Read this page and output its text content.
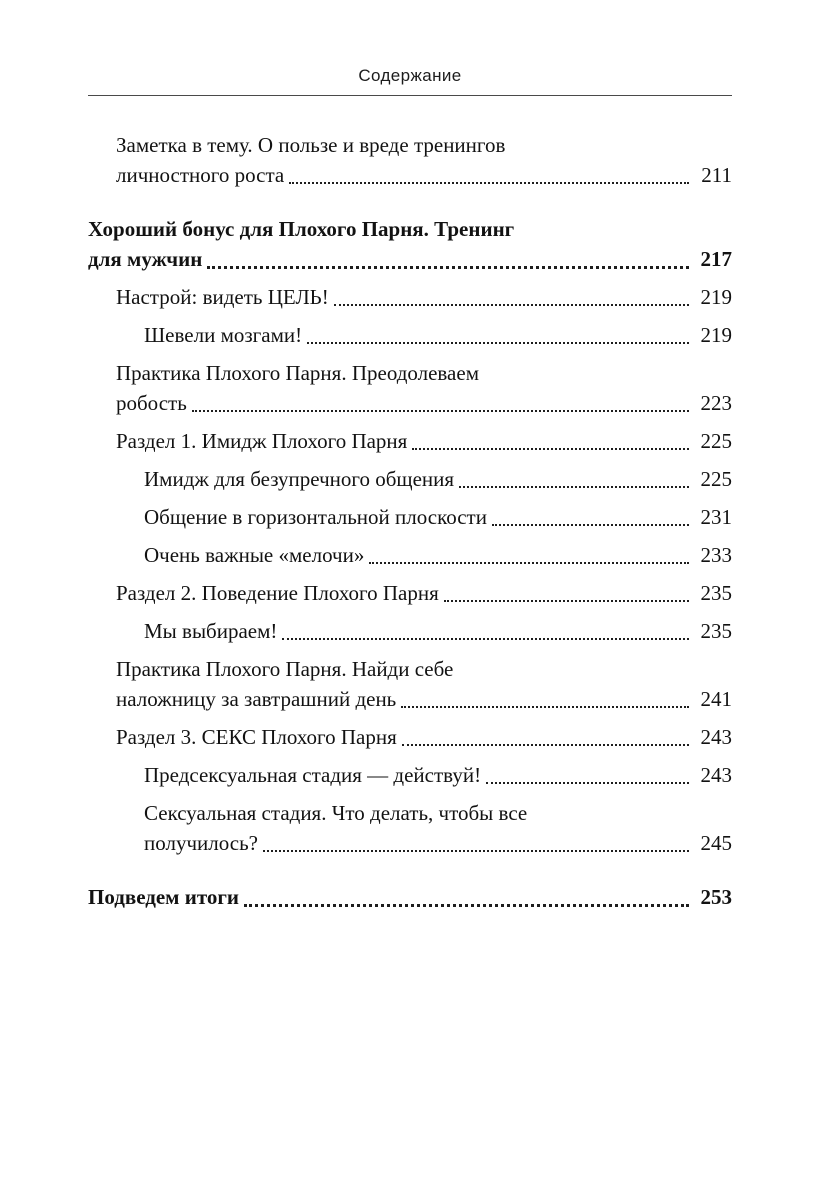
Содержание
Заметка в тему. О пользе и вреде тренингов
личностного роста	211
Хороший бонус для Плохого Парня. Тренинг
для мужчин	217
Настрой: видеть ЦЕЛЬ!	219
Шевели мозгами!	219
Практика Плохого Парня. Преодолеваем
робость	223
Раздел 1. Имидж Плохого Парня	225
Имидж для безупречного общения	225
Общение в горизонтальной плоскости	231
Очень важные «мелочи»	233
Раздел 2. Поведение Плохого Парня	235
Мы выбираем!	235
Практика Плохого Парня. Найди себе
наложницу за завтрашний день	241
Раздел 3. СЕКС Плохого Парня	243
Предсексуальная стадия — действуй!	243
Сексуальная стадия. Что делать, чтобы все
получилось?	245
Подведем итоги	253
